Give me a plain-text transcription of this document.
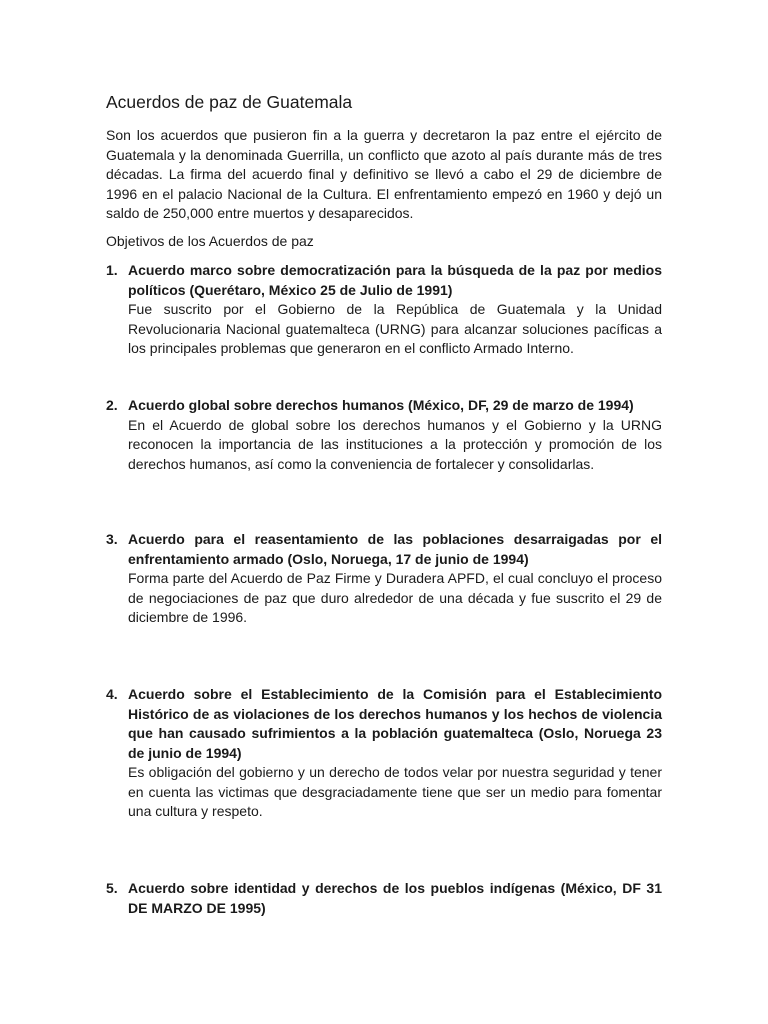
Acuerdos de paz de Guatemala
Son los acuerdos que pusieron fin a la guerra y decretaron la paz entre el ejército de Guatemala y la denominada Guerrilla, un conflicto que azoto al país durante más de tres décadas. La firma del acuerdo final y definitivo se llevó a cabo el 29 de diciembre de 1996 en el palacio Nacional de la Cultura. El enfrentamiento empezó en 1960 y dejó un saldo de 250,000 entre muertos y desaparecidos.
Objetivos de los Acuerdos de paz
1. Acuerdo marco sobre democratización para la búsqueda de la paz por medios políticos (Querétaro, México 25 de Julio de 1991)
Fue suscrito por el Gobierno de la República de Guatemala y la Unidad Revolucionaria Nacional guatemalteca (URNG) para alcanzar soluciones pacíficas a los principales problemas que generaron en el conflicto Armado Interno.
2. Acuerdo global sobre derechos humanos (México, DF, 29 de marzo de 1994)
En el Acuerdo de global sobre los derechos humanos y el Gobierno y la URNG reconocen la importancia de las instituciones a la protección y promoción de los derechos humanos, así como la conveniencia de fortalecer y consolidarlas.
3. Acuerdo para el reasentamiento de las poblaciones desarraigadas por el enfrentamiento armado (Oslo, Noruega, 17 de junio de 1994)
Forma parte del Acuerdo de Paz Firme y Duradera APFD, el cual concluyo el proceso de negociaciones de paz que duro alrededor de una década y fue suscrito el 29 de diciembre de 1996.
4. Acuerdo sobre el Establecimiento de la Comisión para el Establecimiento Histórico de as violaciones de los derechos humanos y los hechos de violencia que han causado sufrimientos a la población guatemalteca (Oslo, Noruega 23 de junio de 1994)
Es obligación del gobierno y un derecho de todos velar por nuestra seguridad y tener en cuenta las victimas que desgraciadamente tiene que ser un medio para fomentar una cultura y respeto.
5. Acuerdo sobre identidad y derechos de los pueblos indígenas (México, DF 31 DE MARZO DE 1995)
